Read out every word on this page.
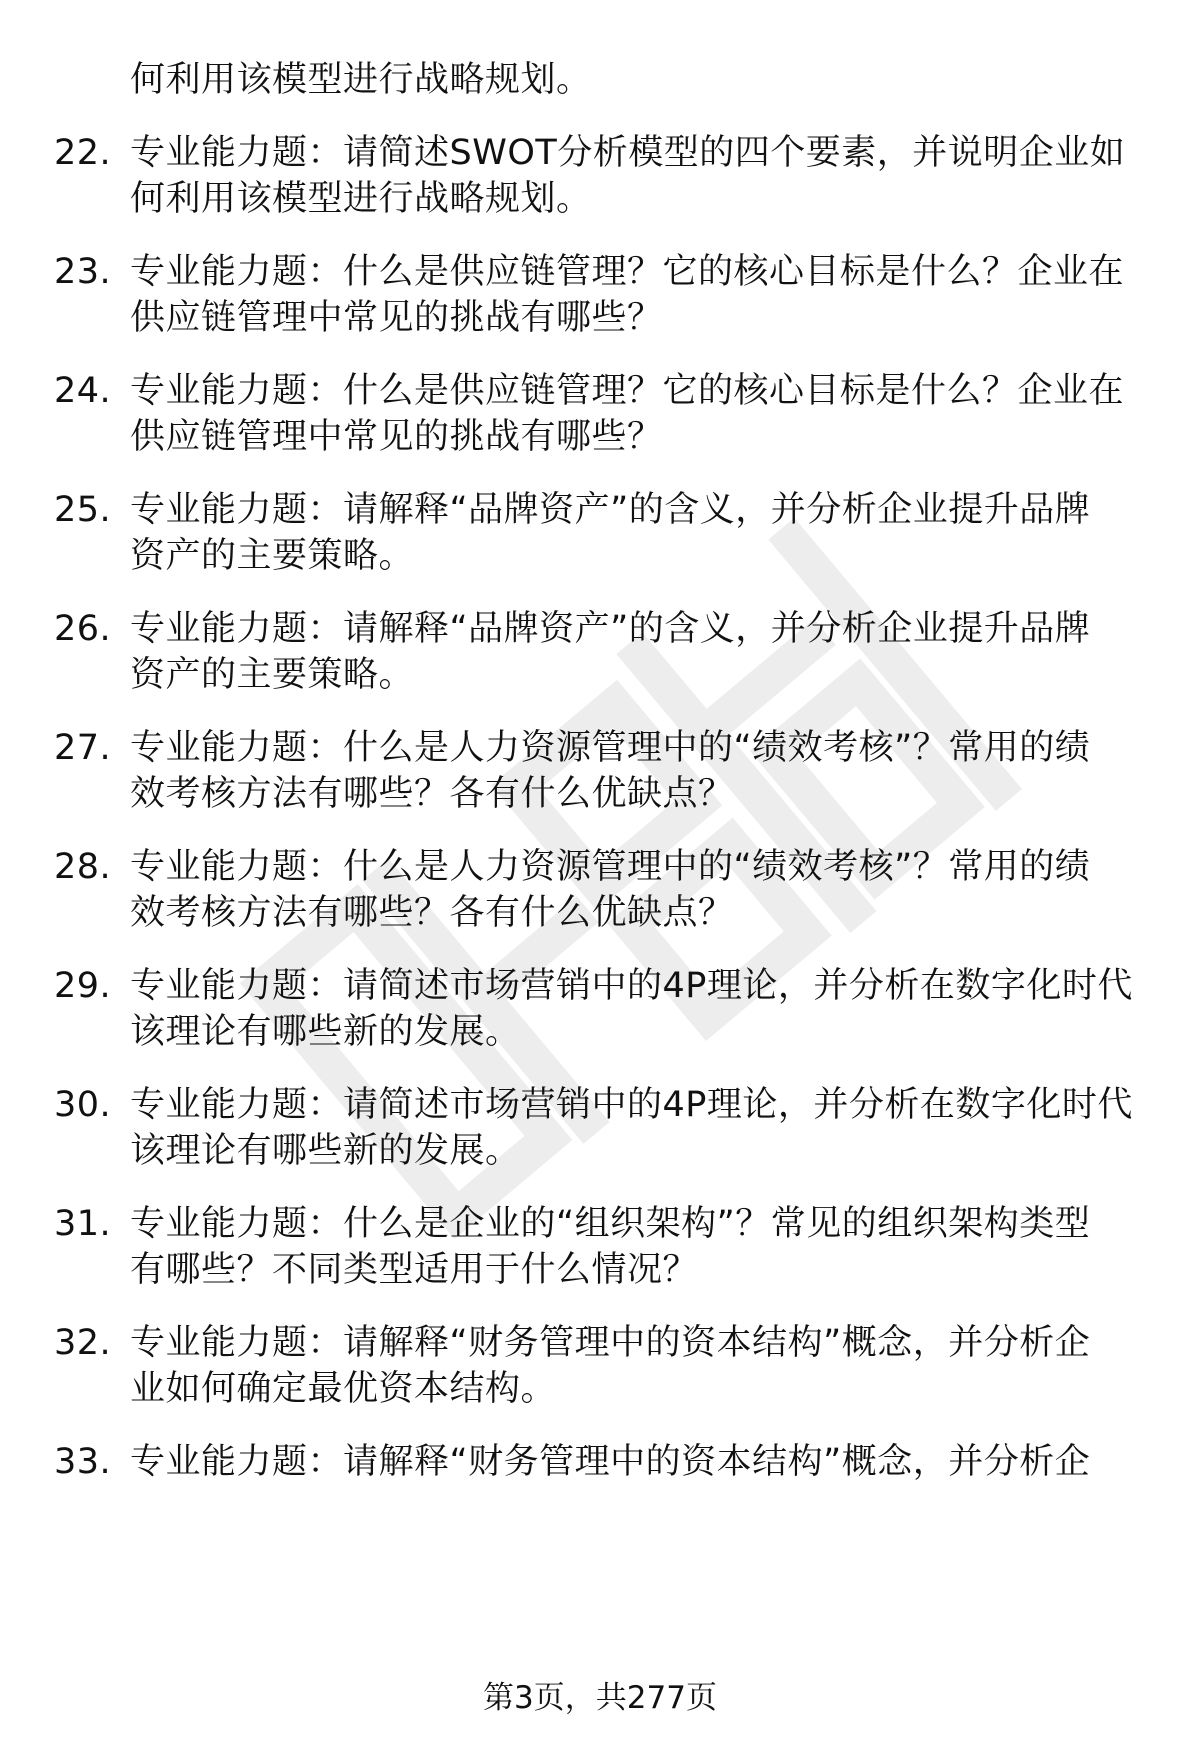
何利用该模型进行战略规划。
22. 专业能力题：请简述SWOT分析模型的四个要素，并说明企业如
何利用该模型进行战略规划。
23. 专业能力题：什么是供应链管理？它的核心目标是什么？企业在
供应链管理中常见的挑战有哪些？
24. 专业能力题：什么是供应链管理？它的核心目标是什么？企业在
供应链管理中常见的挑战有哪些？
25. 专业能力题：请解释“品牌资产”的含义，并分析企业提升品牌
资产的主要策略。
26. 专业能力题：请解释“品牌资产”的含义，并分析企业提升品牌
资产的主要策略。
27. 专业能力题：什么是人力资源管理中的“绩效考核”？常用的绩
效考核方法有哪些？各有什么优缺点？
28. 专业能力题：什么是人力资源管理中的“绩效考核”？常用的绩
效考核方法有哪些？各有什么优缺点？
29. 专业能力题：请简述市场营销中的4P理论，并分析在数字化时代
该理论有哪些新的发展。
30. 专业能力题：请简述市场营销中的4P理论，并分析在数字化时代
该理论有哪些新的发展。
31. 专业能力题：什么是企业的“组织架构”？常见的组织架构类型
有哪些？不同类型适用于什么情况？
32. 专业能力题：请解释“财务管理中的资本结构”概念，并分析企
业如何确定最优资本结构。
33. 专业能力题：请解释“财务管理中的资本结构”概念，并分析企
第3页，共277页
